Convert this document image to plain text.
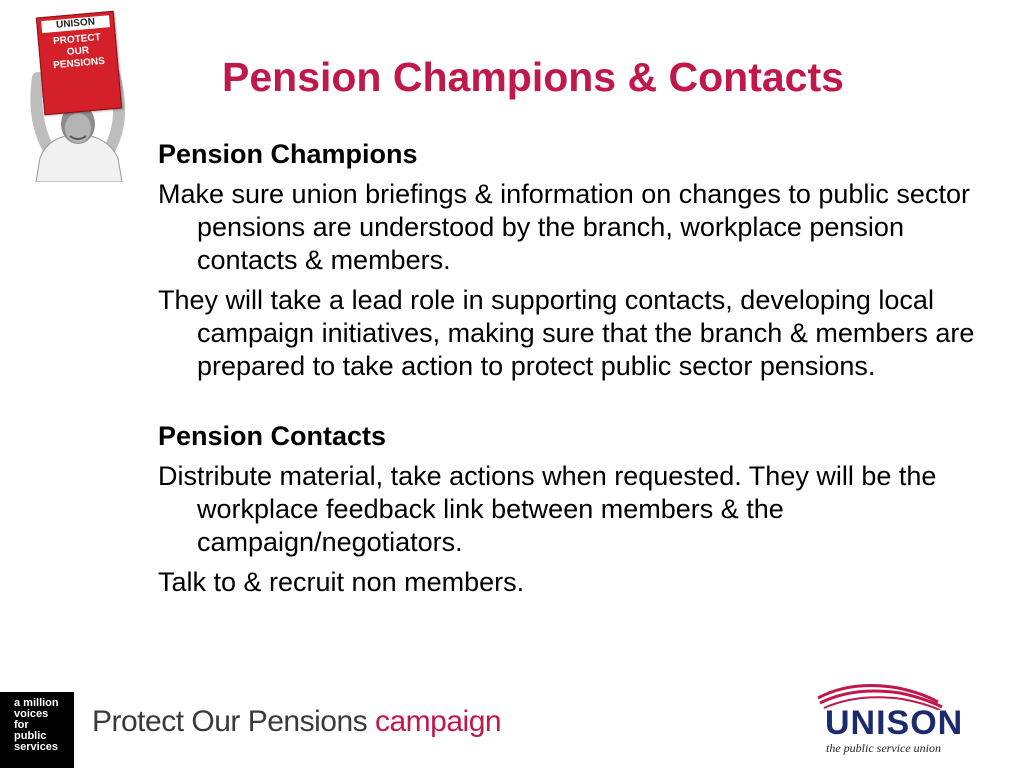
UNISON
PROTECT
OUR
PENSIONS	Pension Champions & Contacts

Pension Champions

Make sure union briefings & information on changes to public sector pensions are understood by the branch, workplace pension contacts & members.

They will take a lead role in supporting contacts, developing local campaign initiatives, making sure that the branch & members are prepared to take action to protect public sector pensions.

Pension Contacts

Distribute material, take actions when requested. They will be the workplace feedback link between members & the campaign/negotiators.

Talk to & recruit non members.

a million
voices
for
public
services
Protect Our Pensions campaign	UNISON
the public service union
